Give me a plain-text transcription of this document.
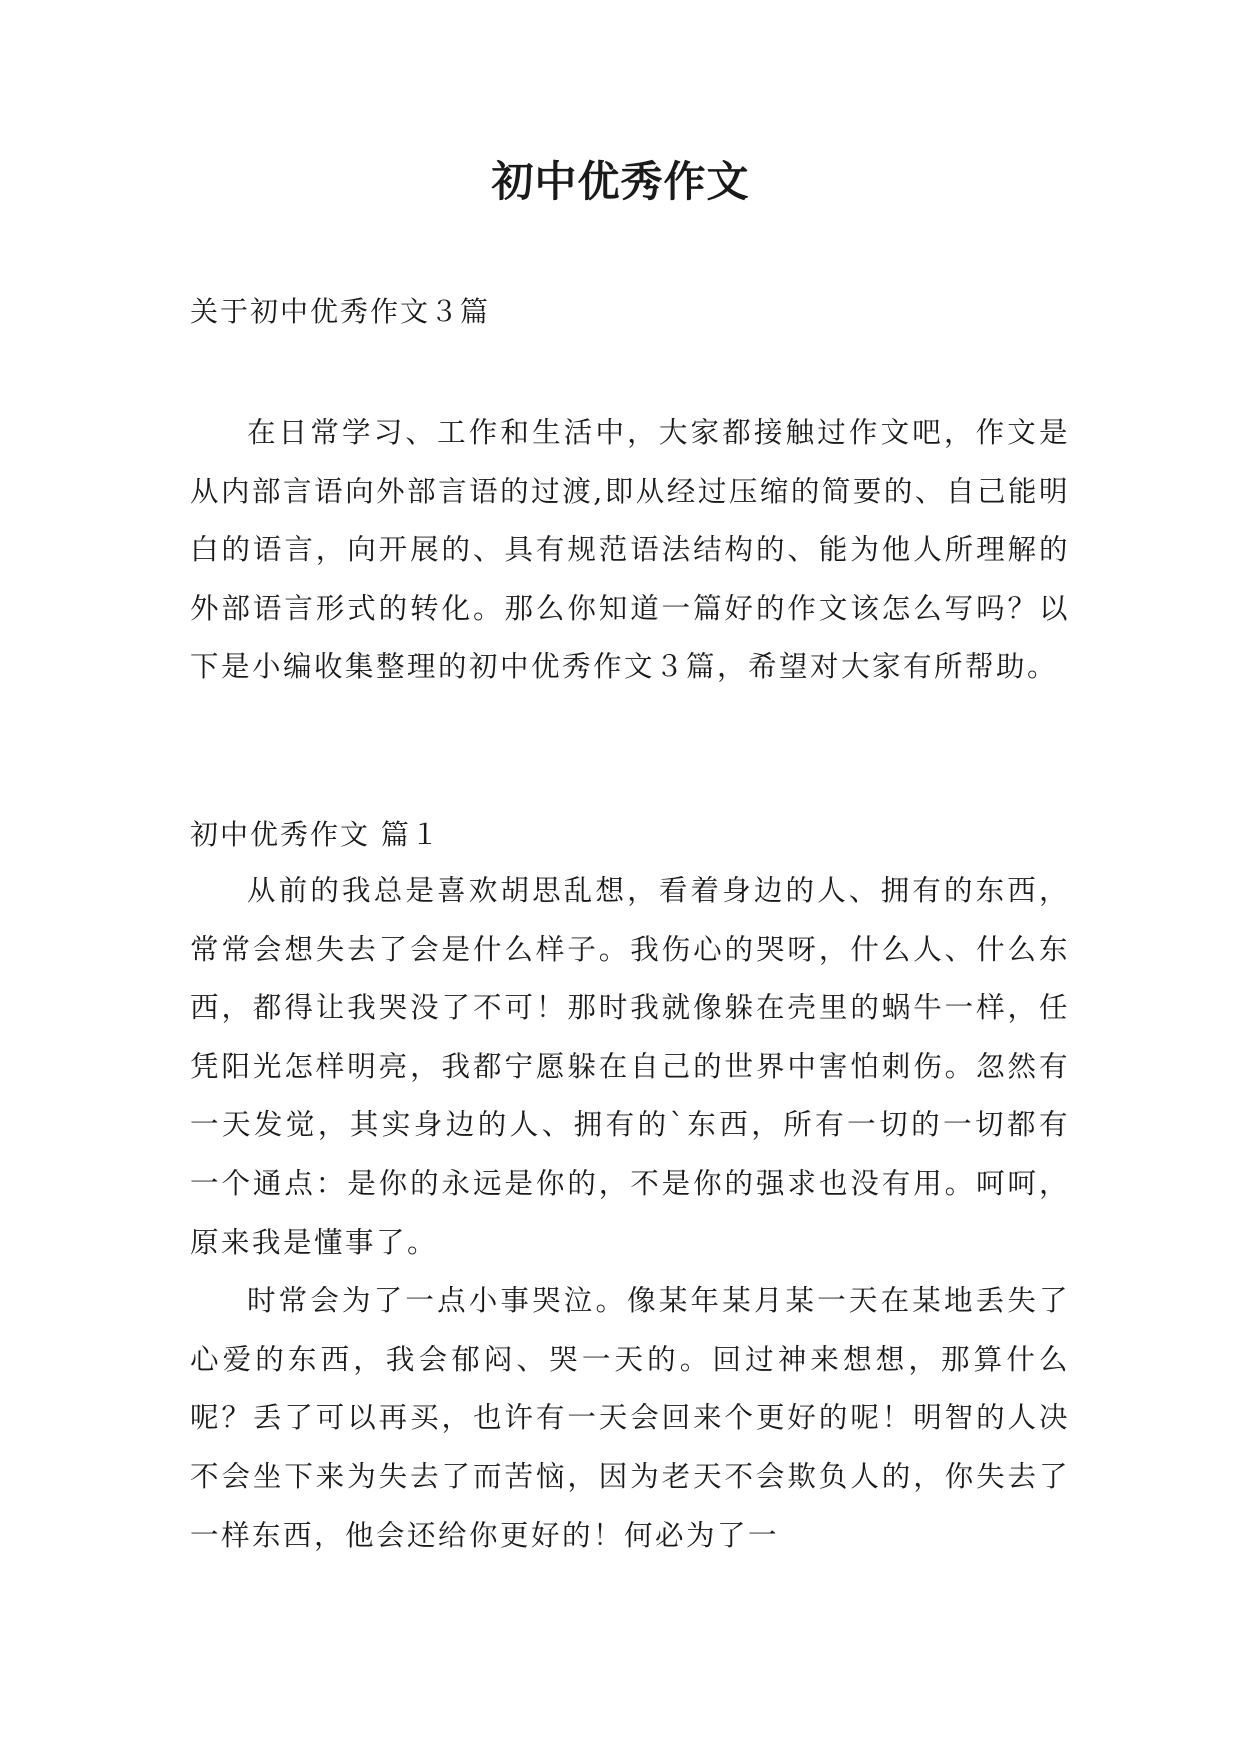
初中优秀作文
关于初中优秀作文３篇

在日常学习、工作和生活中，大家都接触过作文吧，作文是从内部言语向外部言语的过渡,即从经过压缩的简要的、自己能明白的语言，向开展的、具有规范语法结构的、能为他人所理解的外部语言形式的转化。那么你知道一篇好的作文该怎么写吗？以下是小编收集整理的初中优秀作文３篇，希望对大家有所帮助。

初中优秀作文 篇１

从前的我总是喜欢胡思乱想，看着身边的人、拥有的东西，常常会想失去了会是什么样子。我伤心的哭呀，什么人、什么东西，都得让我哭没了不可！那时我就像躲在壳里的蜗牛一样，任凭阳光怎样明亮，我都宁愿躲在自己的世界中害怕刺伤。忽然有一天发觉，其实身边的人、拥有的`东西，所有一切的一切都有一个通点：是你的永远是你的，不是你的强求也没有用。呵呵，原来我是懂事了。

时常会为了一点小事哭泣。像某年某月某一天在某地丢失了心爱的东西，我会郁闷、哭一天的。回过神来想想，那算什么呢？丢了可以再买，也许有一天会回来个更好的呢！明智的人决不会坐下来为失去了而苦恼，因为老天不会欺负人的，你失去了一样东西，他会还给你更好的！何必为了一
